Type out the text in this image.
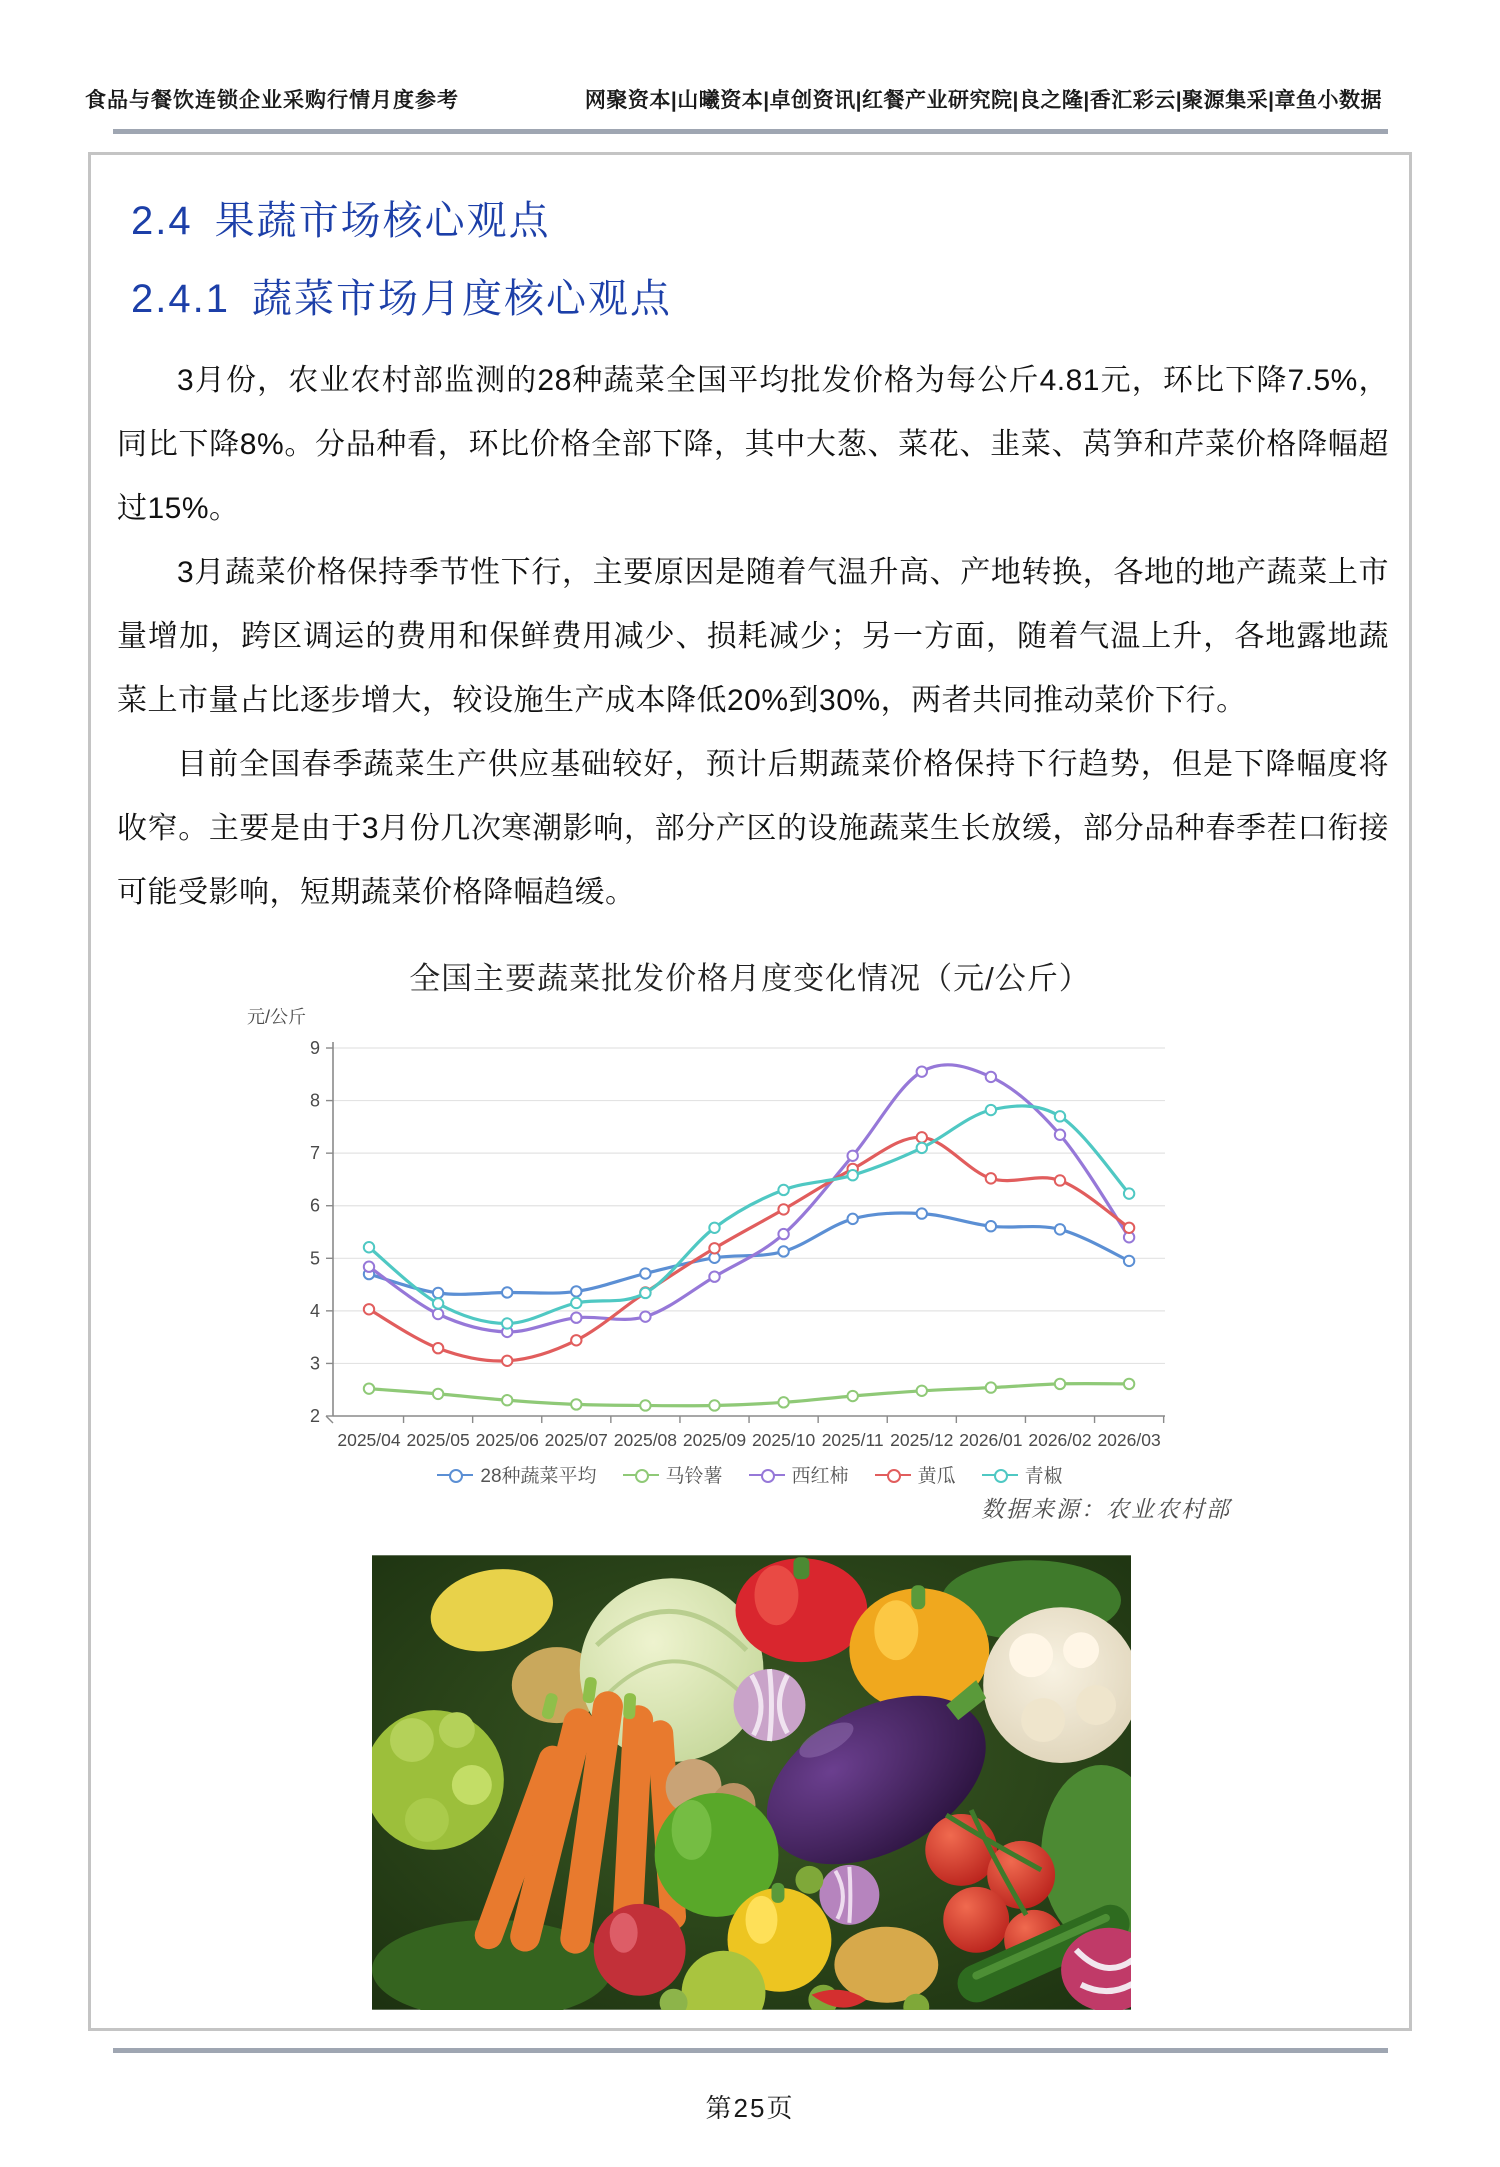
食品与餐饮连锁企业采购行情月度参考	网聚资本|山曦资本|卓创资讯|红餐产业研究院|良之隆|香汇彩云|聚源集采|章鱼小数据
2.4 果蔬市场核心观点
2.4.1 蔬菜市场月度核心观点

3月份，农业农村部监测的28种蔬菜全国平均批发价格为每公斤4.81元，环比下降7.5%，同比下降8%。分品种看，环比价格全部下降，其中大葱、菜花、韭菜、莴笋和芹菜价格降幅超过15%。

3月蔬菜价格保持季节性下行，主要原因是随着气温升高、产地转换，各地的地产蔬菜上市量增加，跨区调运的费用和保鲜费用减少、损耗减少；另一方面，随着气温上升，各地露地蔬菜上市量占比逐步增大，较设施生产成本降低20%到30%，两者共同推动菜价下行。

目前全国春季蔬菜生产供应基础较好，预计后期蔬菜价格保持下行趋势，但是下降幅度将收窄。主要是由于3月份几次寒潮影响，部分产区的设施蔬菜生长放缓，部分品种春季茬口衔接可能受影响，短期蔬菜价格降幅趋缓。

全国主要蔬菜批发价格月度变化情况（元/公斤）
2
3
4
5
6
7
8
9
元/公斤
2025/04 2025/05 2025/06 2025/07 2025/08 2025/09 2025/10 2025/11 2025/12 2026/01 2026/02 2026/03
28种蔬菜平均	马铃薯	西红柿	黄瓜	青椒
数据来源：农业农村部
第25页
